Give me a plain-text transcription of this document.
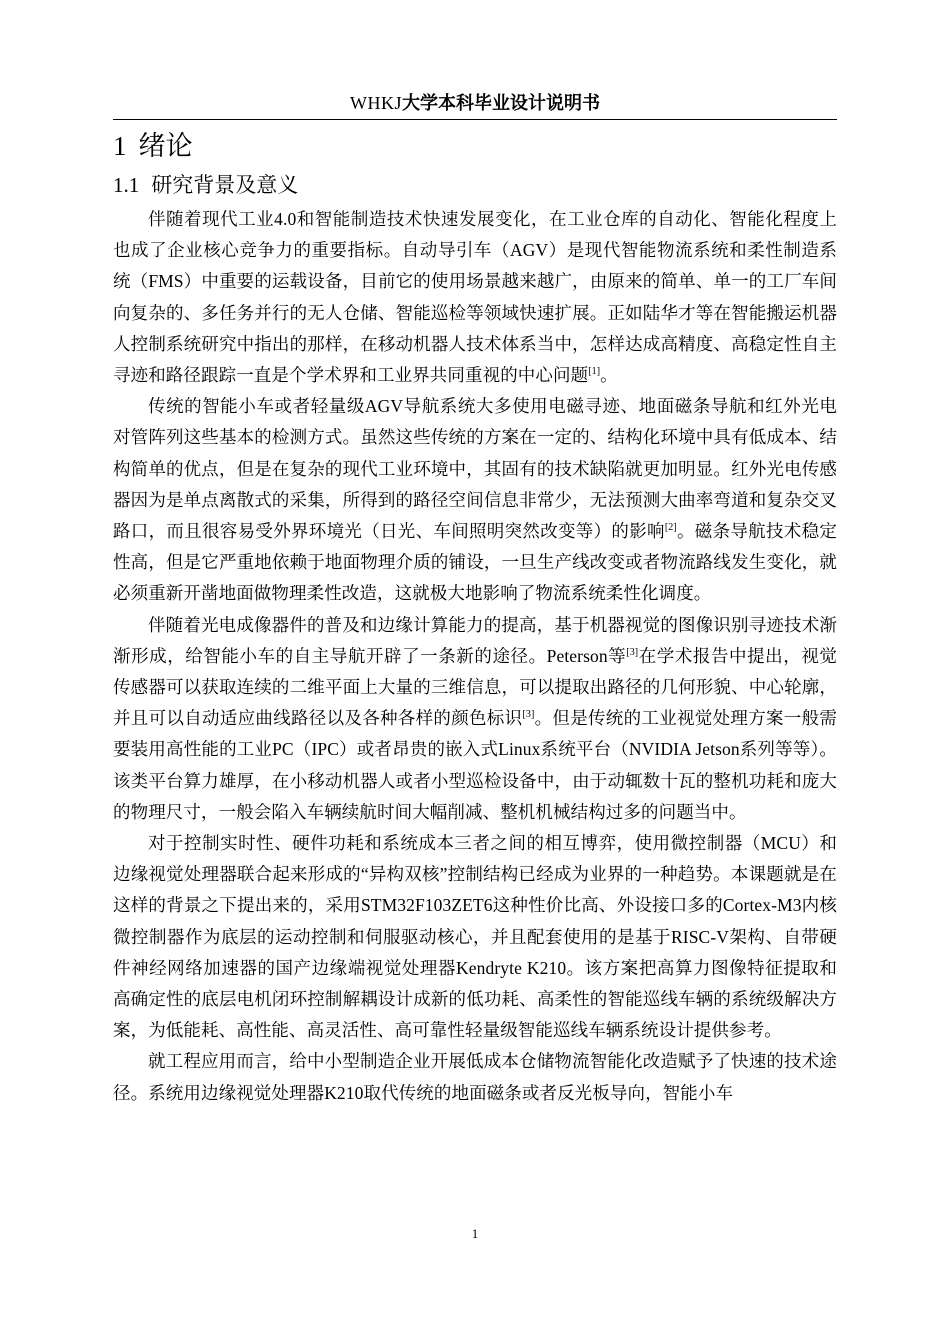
WHKJ大学本科毕业设计说明书
1 绪论
1.1 研究背景及意义

伴随着现代工业4.0和智能制造技术快速发展变化，在工业仓库的自动化、智能化程度上也成了企业核心竞争力的重要指标。自动导引车（AGV）是现代智能物流系统和柔性制造系统（FMS）中重要的运载设备，目前它的使用场景越来越广，由原来的简单、单一的工厂车间向复杂的、多任务并行的无人仓储、智能巡检等领域快速扩展。正如陆华才等在智能搬运机器人控制系统研究中指出的那样，在移动机器人技术体系当中，怎样达成高精度、高稳定性自主寻迹和路径跟踪一直是个学术界和工业界共同重视的中心问题[1]。

传统的智能小车或者轻量级AGV导航系统大多使用电磁寻迹、地面磁条导航和红外光电对管阵列这些基本的检测方式。虽然这些传统的方案在一定的、结构化环境中具有低成本、结构简单的优点，但是在复杂的现代工业环境中，其固有的技术缺陷就更加明显。红外光电传感器因为是单点离散式的采集，所得到的路径空间信息非常少，无法预测大曲率弯道和复杂交叉路口，而且很容易受外界环境光（日光、车间照明突然改变等）的影响[2]。磁条导航技术稳定性高，但是它严重地依赖于地面物理介质的铺设，一旦生产线改变或者物流路线发生变化，就必须重新开凿地面做物理柔性改造，这就极大地影响了物流系统柔性化调度。

伴随着光电成像器件的普及和边缘计算能力的提高，基于机器视觉的图像识别寻迹技术渐渐形成，给智能小车的自主导航开辟了一条新的途径。Peterson等[3]在学术报告中提出，视觉传感器可以获取连续的二维平面上大量的三维信息，可以提取出路径的几何形貌、中心轮廓，并且可以自动适应曲线路径以及各种各样的颜色标识[3]。但是传统的工业视觉处理方案一般需要装用高性能的工业PC（IPC）或者昂贵的嵌入式Linux系统平台（NVIDIA Jetson系列等等）。该类平台算力雄厚，在小移动机器人或者小型巡检设备中，由于动辄数十瓦的整机功耗和庞大的物理尺寸，一般会陷入车辆续航时间大幅削减、整机机械结构过多的问题当中。

对于控制实时性、硬件功耗和系统成本三者之间的相互博弈，使用微控制器（MCU）和边缘视觉处理器联合起来形成的“异构双核”控制结构已经成为业界的一种趋势。本课题就是在这样的背景之下提出来的，采用STM32F103ZET6这种性价比高、外设接口多的Cortex-M3内核微控制器作为底层的运动控制和伺服驱动核心，并且配套使用的是基于RISC-V架构、自带硬件神经网络加速器的国产边缘端视觉处理器Kendryte K210。该方案把高算力图像特征提取和高确定性的底层电机闭环控制解耦设计成新的低功耗、高柔性的智能巡线车辆的系统级解决方案，为低能耗、高性能、高灵活性、高可靠性轻量级智能巡线车辆系统设计提供参考。

就工程应用而言，给中小型制造企业开展低成本仓储物流智能化改造赋予了快速的技术途径。系统用边缘视觉处理器K210取代传统的地面磁条或者反光板导向，智能小车

1
